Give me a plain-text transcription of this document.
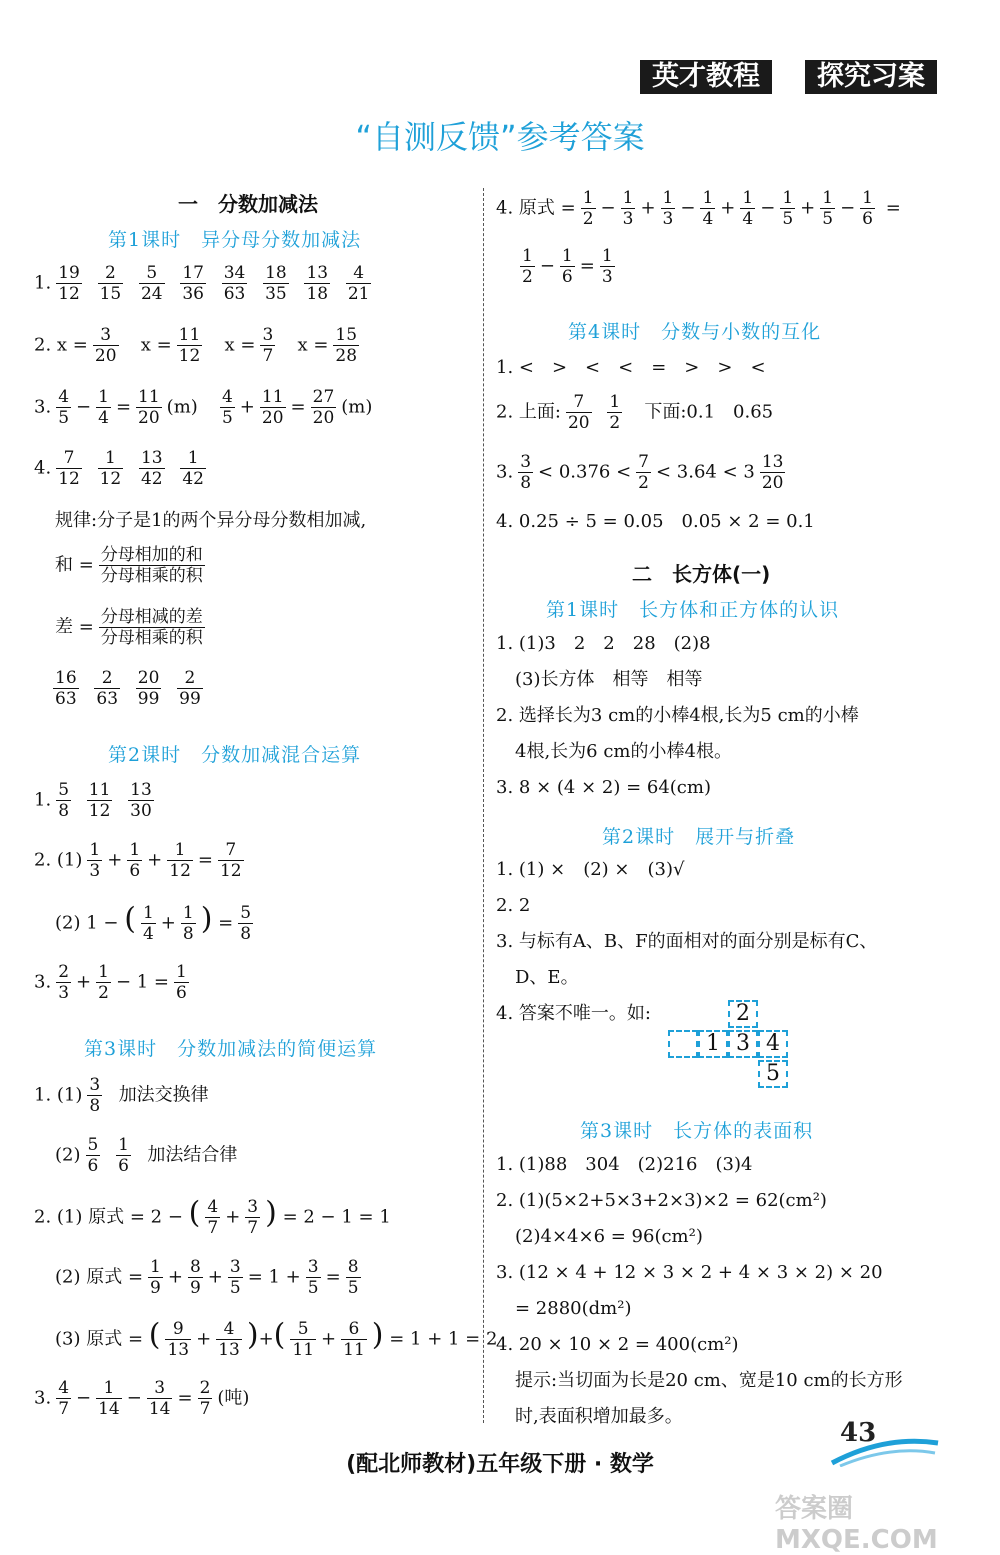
英才教程	探究习案
“自测反馈”参考答案
一　分数加减法
第1课时　异分母分数加减法
1. $\frac{19}{12}$
$\frac{2}{15}$
$\frac{5}{24}$
$\frac{17}{36}$
$\frac{34}{63}$
$\frac{18}{35}$
$\frac{13}{18}$
$\frac{4}{21}$
2. $x = \frac{3}{20}$ $x = \frac{11}{12}$ $x = \frac{3}{7}$ $x = \frac{15}{28}$
3. $\frac{4}{5} - \frac{1}{4} = \frac{11}{20} (m) \frac{4}{5} + \frac{11}{20} = \frac{27}{20} (m)$
4. $\frac{7}{12}$
$\frac{1}{12}$
$\frac{13}{42}$
$\frac{1}{42}$
规律:分子是1的两个异分母分数相加减,
和 = $\frac{\text{分母相加的和}}{\text{分母相乘的积}}$
差 = $\frac{\text{分母相减的差}}{\text{分母相乘的积}}$
$\frac{16}{63}$
$\frac{2}{63}$
$\frac{20}{99}$
$\frac{2}{99}$
第2课时　分数加减混合运算
1. $\frac{5}{8}$
$\frac{11}{12}$
$\frac{13}{30}$
2. $(1) \frac{1}{3} + \frac{1}{6} + \frac{1}{12} = \frac{7}{12}$
(2) 1 − ( $\frac{1}{4} + \frac{1}{8}$ ) = $\frac{5}{8}$
3. $\frac{2}{3} + \frac{1}{2} - 1 = \frac{1}{6}$
第3课时　分数加减法的简便运算
1. $(1) \frac{3}{8}$ 加法交换律
$(2) \frac{5}{6}$
$\frac{1}{6}$ 加法结合律
2. (1) 原式 = 2 − ( $\frac{4}{7} + \frac{3}{7}$ ) = 2 − 1 = 1
(2) 原式 = $\frac{1}{9} + \frac{8}{9} + \frac{3}{5} = 1 + \frac{3}{5} = \frac{8}{5}$
(3) 原式 = ( $\frac{9}{13} + \frac{4}{13}$ )+( $\frac{5}{11} + \frac{6}{11}$ ) = 1 + 1 = 2
3. $\frac{4}{7} - \frac{1}{14} - \frac{3}{14} = \frac{2}{7}$ (吨)
4. 原式 = $\frac{1}{2} - \frac{1}{3} + \frac{1}{3} - \frac{1}{4} + \frac{1}{4} - \frac{1}{5} + \frac{1}{5} - \frac{1}{6}$ =
$\frac{1}{2} - \frac{1}{6} = \frac{1}{3}$
第4课时　分数与小数的互化
1. <　>　<　<　=　>　>　<
2. 上面: $\frac{7}{20}$
$\frac{1}{2}$ 下面:0.1　0.65
3. $\frac{3}{8} < 0.376 < \frac{7}{2} < 3.64 < 3 \frac{13}{20}$
4. 0.25 ÷ 5 = 0.05　0.05 × 2 = 0.1
二　长方体(一)
第1课时　长方体和正方体的认识
1. (1)3　2　2　28　(2)8
(3)长方体　相等　相等
2. 选择长为3 cm的小棒4根,长为5 cm的小棒
4根,长为6 cm的小棒4根。
3. 8 × (4 × 2) = 64(cm)
第2课时　展开与折叠
1. (1) ×　(2) ×　(3)√
2. 2
3. 与标有A、B、F的面相对的面分别是标有C、
D、E。
4. 答案不唯一。如:	2
1 3 4
5
第3课时　长方体的表面积
1. (1)88　304　(2)216　(3)4
2. (1)(5×2+5×3+2×3)×2 = 62(cm²)
(2)4×4×6 = 96(cm²)
3. (12 × 4 + 12 × 3 × 2 + 4 × 3 × 2) × 20
= 2880(dm²)
4. 20 × 10 × 2 = 400(cm²)
提示:当切面为长是20 cm、宽是10 cm的长方形
时,表面积增加最多。
43
(配北师教材)五年级下册 · 数学
答案圈 MXQE.COM
